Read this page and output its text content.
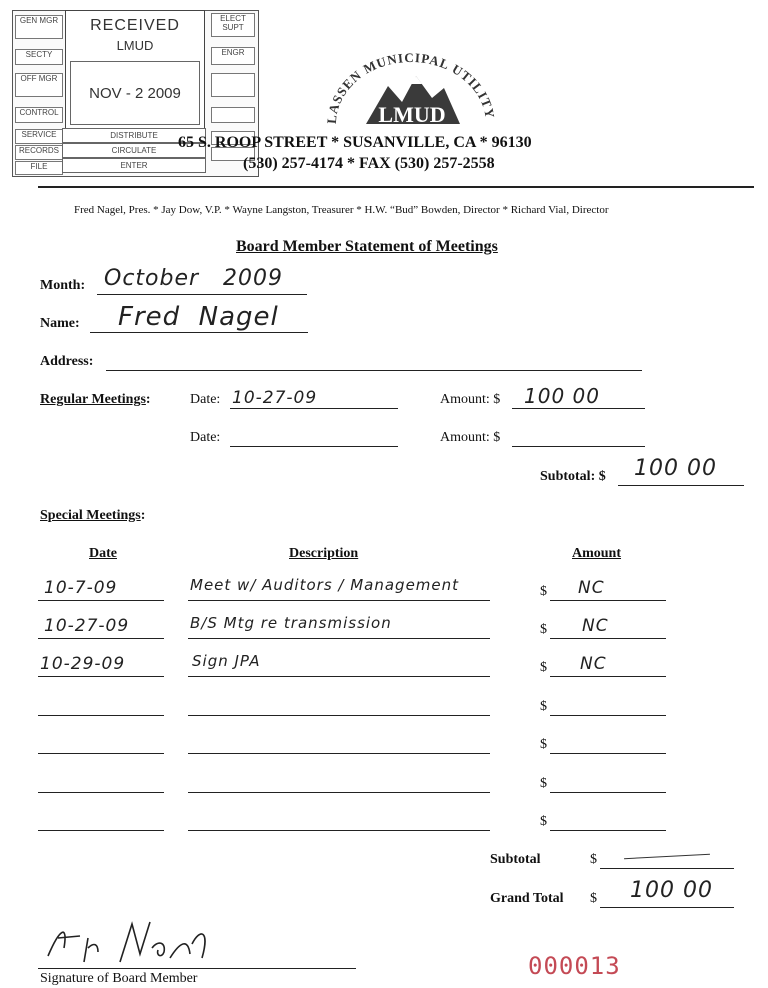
GEN MGR
SECTY
OFF MGR
CONTROL
SERVICE
RECORDS
FILE
ELECT SUPT
ENGR
RECEIVED
LMUD
NOV - 2 2009
DISTRIBUTE
CIRCULATE
ENTER
LASSEN MUNICIPAL UTILITY
LMUD
65 S. ROOP STREET * SUSANVILLE, CA * 96130
(530) 257-4174 * FAX (530) 257-2558
Fred Nagel, Pres. * Jay Dow, V.P. * Wayne Langston, Treasurer * H.W. “Bud” Bowden, Director * Richard Vial, Director
Board Member Statement of Meetings
Month: October   2009
Name: Fred  Nagel
Address:
Regular Meetings:	Date: 10-27-09	Amount: $ 100 00
Date:	Amount: $
Subtotal: $ 100 00
Special Meetings:
Date	Description	Amount
10-7-09	Meet w/ Auditors / Management	$ NC
10-27-09	B/S Mtg re transmission	$ NC
10-29-09	Sign JPA	$ NC
$
$
$
$
Subtotal	$
Grand Total $ 100 00
Signature of Board Member	000013
